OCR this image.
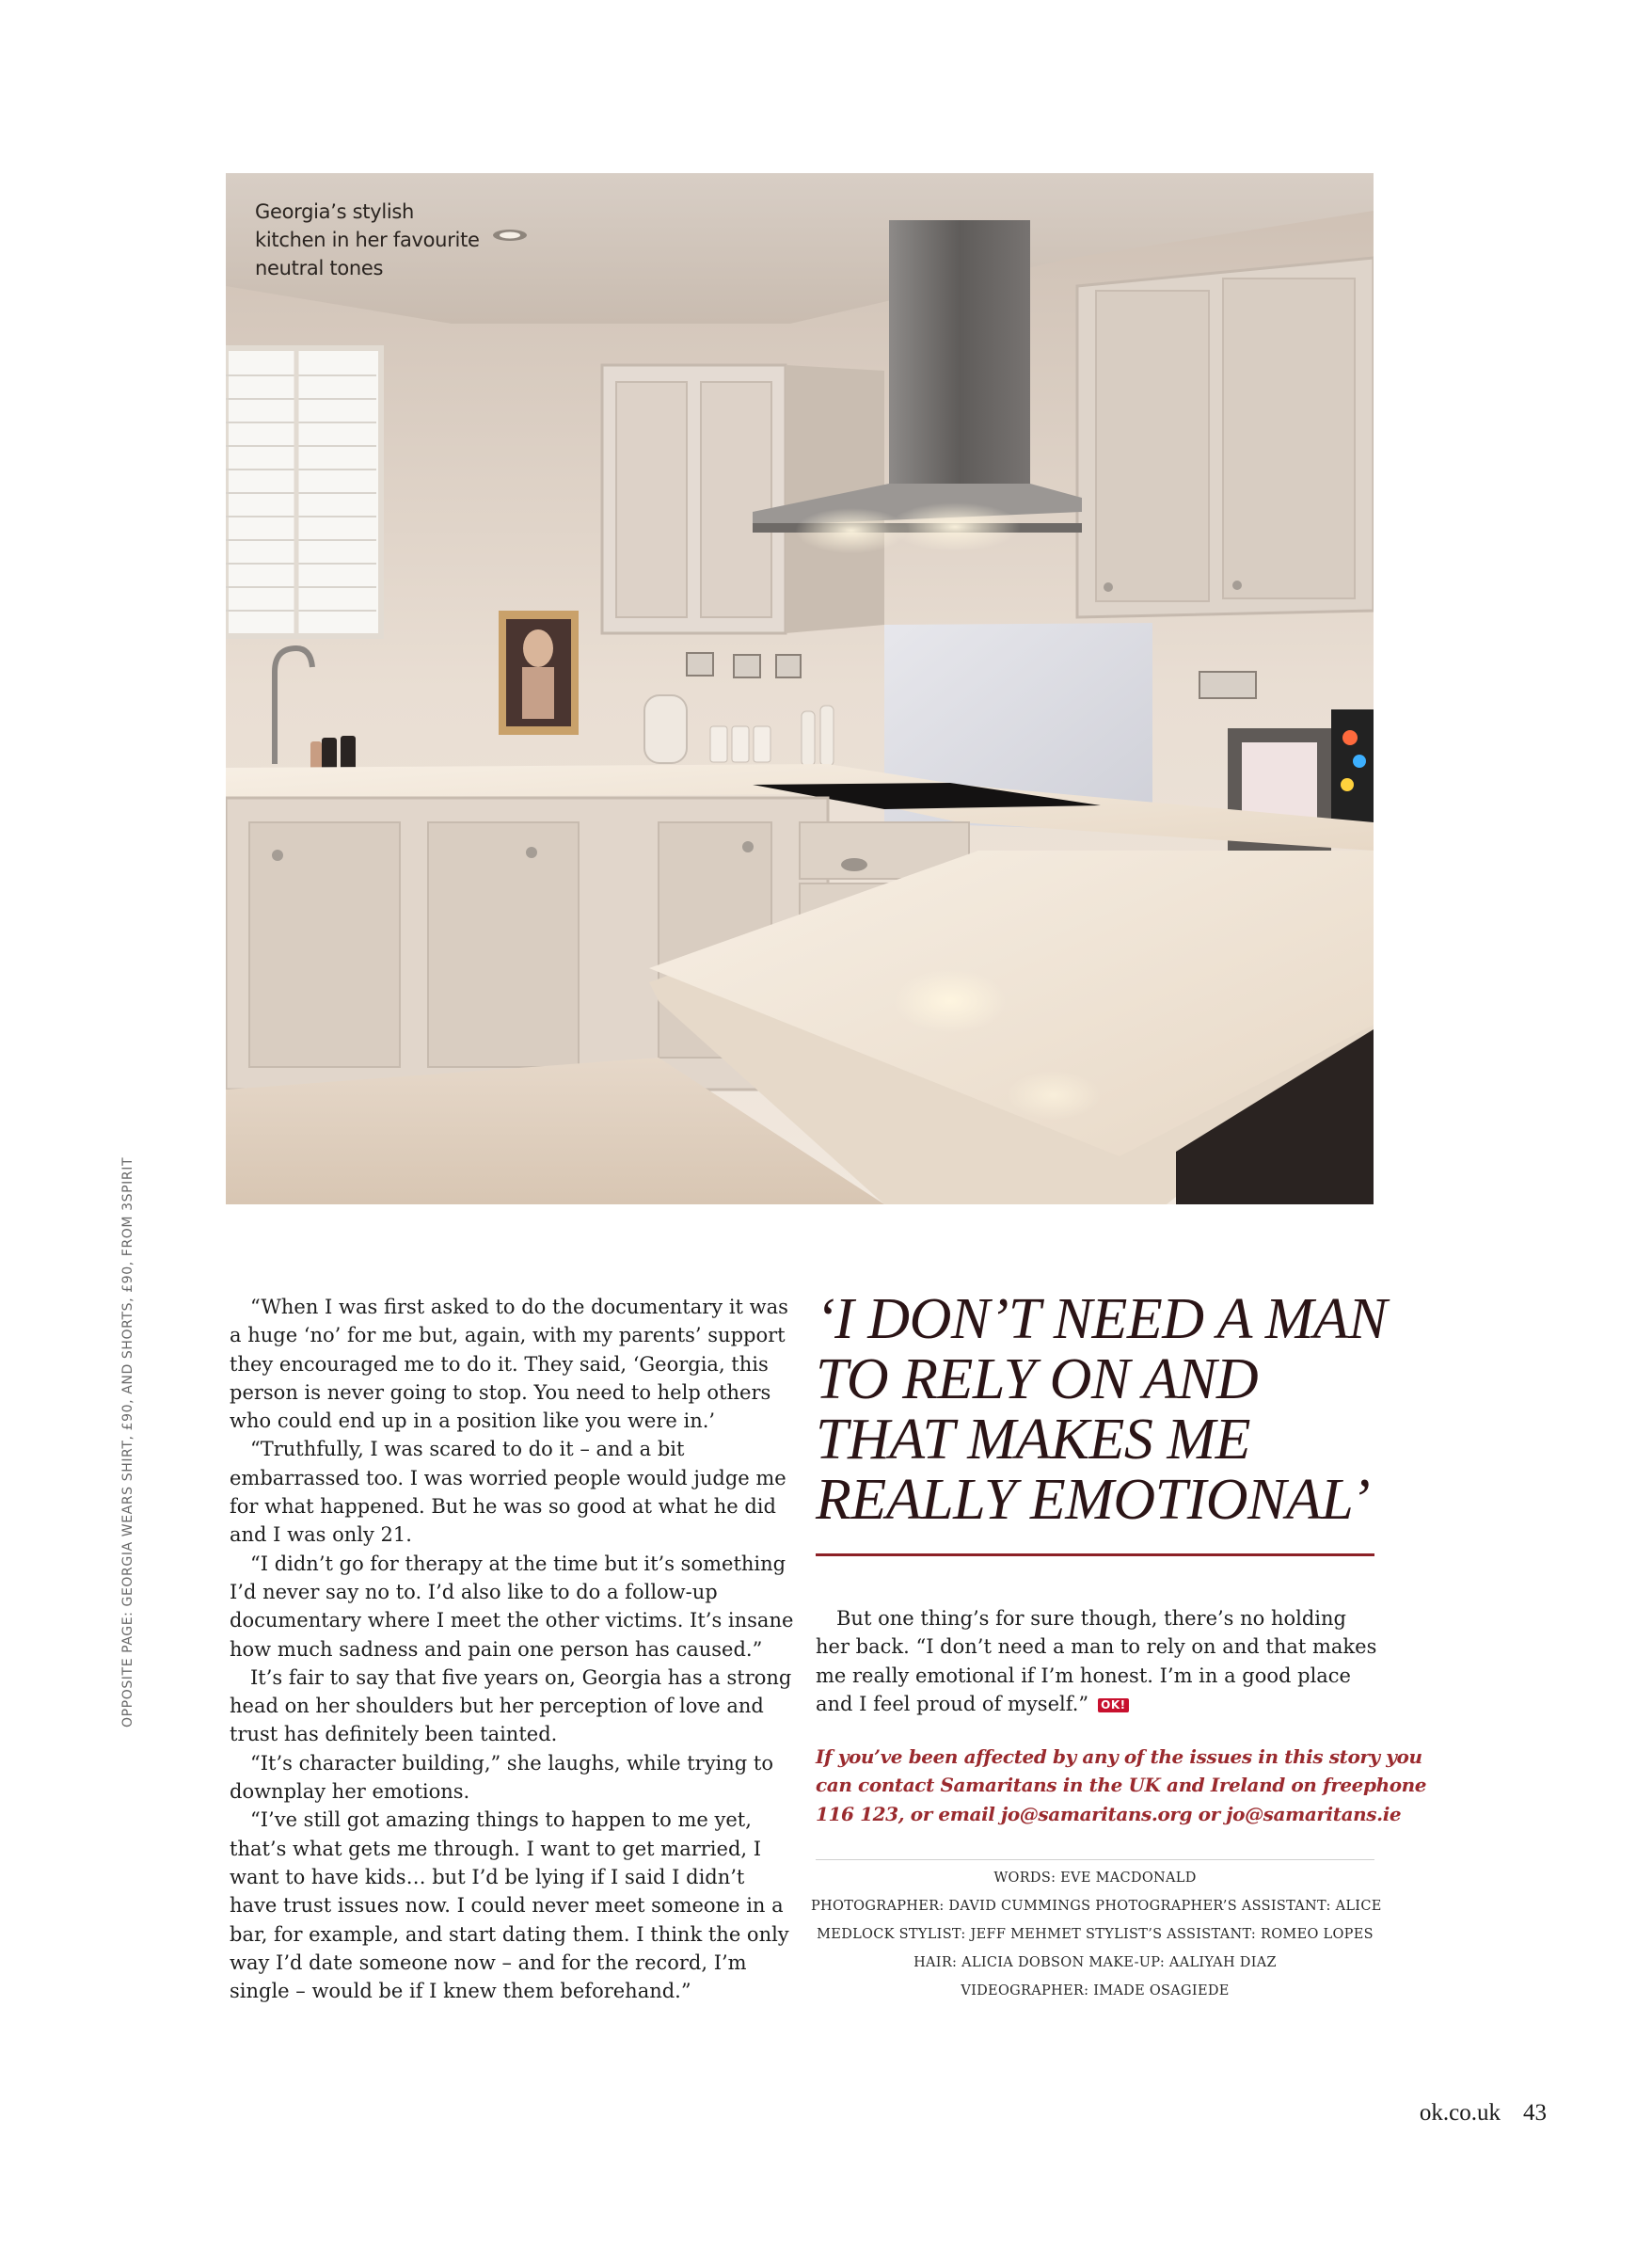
Georgia’s stylish
kitchen in her favourite
neutral tones
OPPOSITE PAGE: GEORGIA WEARS SHIRT, £90, AND SHORTS, £90, FROM 3SPIRIT	“When I was first asked to do the documentary it was a huge ‘no’ for me but, again, with my parents’ support they encouraged me to do it. They said, ‘Georgia, this person is never going to stop. You need to help others who could end up in a position like you were in.’

“Truthfully, I was scared to do it – and a bit embarrassed too. I was worried people would judge me for what happened. But he was so good at what he did and I was only 21.

“I didn’t go for therapy at the time but it’s something I’d never say no to. I’d also like to do a follow-up documentary where I meet the other victims. It’s insane how much sadness and pain one person has caused.”

It’s fair to say that five years on, Georgia has a strong head on her shoulders but her perception of love and trust has definitely been tainted.

“It’s character building,” she laughs, while trying to downplay her emotions.

“I’ve still got amazing things to happen to me yet, that’s what gets me through. I want to get married, I want to have kids… but I’d be lying if I said I didn’t have trust issues now. I could never meet someone in a bar, for example, and start dating them. I think the only way I’d date someone now – and for the record, I’m single – would be if I knew them beforehand.”

‘I DON’T NEED A MAN
TO RELY ON AND
THAT MAKES ME
REALLY EMOTIONAL’

But one thing’s for sure though, there’s no holding her back. “I don’t need a man to rely on and that makes me really emotional if I’m honest. I’m in a good place and I feel proud of myself.” OK!

If you’ve been affected by any of the issues in this story you
can contact Samaritans in the UK and Ireland on freephone
116 123, or email jo@samaritans.org or jo@samaritans.ie
WORDS: EVE MACDONALD
PHOTOGRAPHER: DAVID CUMMINGS PHOTOGRAPHER’S ASSISTANT: ALICE
MEDLOCK STYLIST: JEFF MEHMET STYLIST’S ASSISTANT: ROMEO LOPES
HAIR: ALICIA DOBSON MAKE-UP: AALIYAH DIAZ
VIDEOGRAPHER: IMADE OSAGIEDE
ok.co.uk 43
